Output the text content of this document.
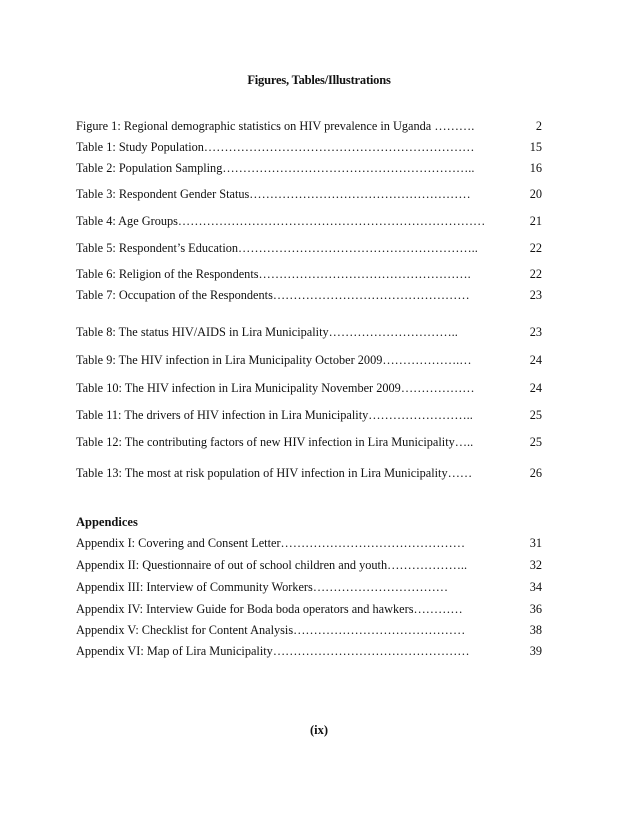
Figures, Tables/Illustrations
Figure 1: Regional demographic statistics on HIV prevalence in Uganda ……….	2
Table 1: Study Population…………………………………………………………	15
Table 2: Population Sampling……………………………………………………..	16
Table 3: Respondent Gender Status………………………………………………	20
Table 4: Age Groups…………………………………………………………………	21
Table 5: Respondent’s Education…………………………………………………..	22
Table 6: Religion of the Respondents…………………………………………….	22
Table 7: Occupation of the Respondents…………………………………………	23
Table 8: The status HIV/AIDS in Lira Municipality…………………………..	23
Table 9: The HIV infection in Lira Municipality October 2009……………….…	24
Table 10: The HIV infection in Lira Municipality November 2009………………	24
Table 11: The drivers of HIV infection in Lira Municipality……………………..	25
Table 12: The contributing factors of new HIV infection in Lira Municipality…..	25
Table 13: The most at risk population of HIV infection in Lira Municipality……	26
Appendices
Appendix I: Covering and Consent Letter………………………………………	31
Appendix II: Questionnaire of out of school children and youth………………..	32
Appendix III: Interview of Community Workers……………………………	34
Appendix IV: Interview Guide for Boda boda operators and hawkers…………	36
Appendix V: Checklist for Content Analysis……………………………………	38
Appendix VI: Map of Lira Municipality…………………………………………	39
(ix)
